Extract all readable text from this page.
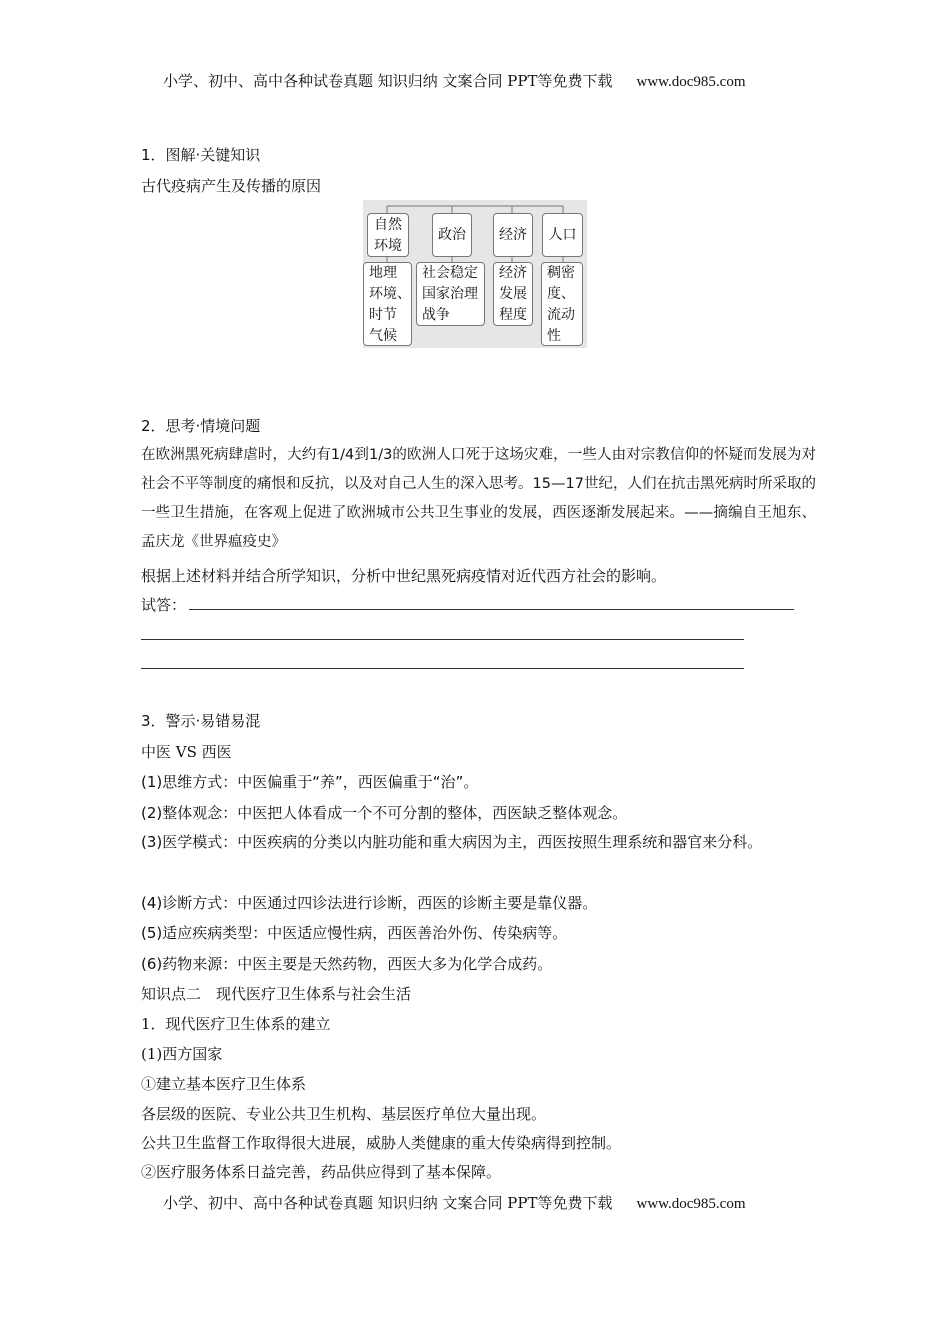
小学、初中、高中各种试卷真题 知识归纳 文案合同 PPT等免费下载 www.doc985.com
1．图解·关键知识
古代疫病产生及传播的原因
自然
环境
政治	经济	人口
地理
环境、
时节
气候
社会稳定
国家治理
战争
经济
发展
程度
稠密
度、
流动
性
2．思考·情境问题
在欧洲黑死病肆虐时，大约有1/4到1/3的欧洲人口死于这场灾难，一些人由对宗教信仰的怀疑而发展为对社会不平等制度的痛恨和反抗，以及对自己人生的深入思考。15—17世纪，人们在抗击黑死病时所采取的一些卫生措施，在客观上促进了欧洲城市公共卫生事业的发展，西医逐渐发展起来。——摘编自王旭东、孟庆龙《世界瘟疫史》
根据上述材料并结合所学知识，分析中世纪黑死病疫情对近代西方社会的影响。
试答：
3．警示·易错易混
中医 VS 西医
(1)思维方式：中医偏重于“养”，西医偏重于“治”。
(2)整体观念：中医把人体看成一个不可分割的整体，西医缺乏整体观念。
(3)医学模式：中医疾病的分类以内脏功能和重大病因为主，西医按照生理系统和器官来分科。
(4)诊断方式：中医通过四诊法进行诊断，西医的诊断主要是靠仪器。
(5)适应疾病类型：中医适应慢性病，西医善治外伤、传染病等。
(6)药物来源：中医主要是天然药物，西医大多为化学合成药。
知识点二　现代医疗卫生体系与社会生活
1．现代医疗卫生体系的建立
(1)西方国家
①建立基本医疗卫生体系
各层级的医院、专业公共卫生机构、基层医疗单位大量出现。
公共卫生监督工作取得很大进展，威胁人类健康的重大传染病得到控制。
②医疗服务体系日益完善，药品供应得到了基本保障。
小学、初中、高中各种试卷真题 知识归纳 文案合同 PPT等免费下载 www.doc985.com
